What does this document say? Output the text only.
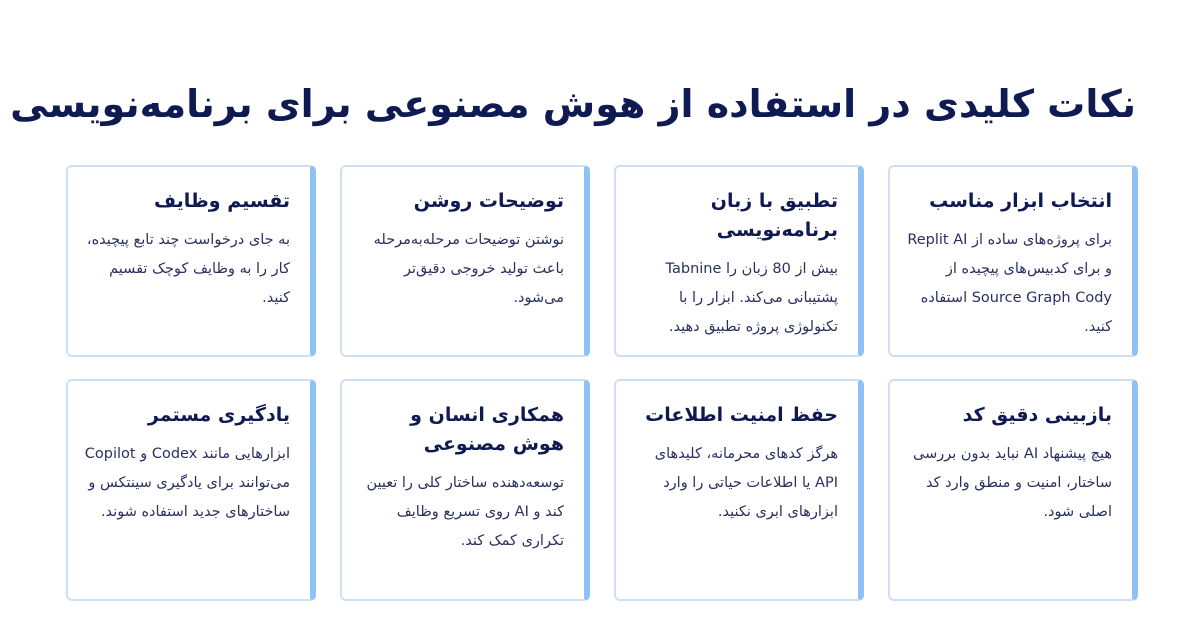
نکات کلیدی در استفاده از هوش مصنوعی برای برنامه‌نویسی
انتخاب ابزار مناسب

برای پروژه‌های ساده از Replit AI و برای کدبیس‌های پیچیده از Source Graph Cody استفاده کنید.

تطبیق با زبان برنامه‌نویسی

بیش از 80 زبان را Tabnine پشتیبانی می‌کند. ابزار را با تکنولوژی پروژه تطبیق دهید.

توضیحات روشن

نوشتن توضیحات مرحله‌به‌مرحله باعث تولید خروجی دقیق‌تر می‌شود.

تقسیم وظایف

به جای درخواست چند تابع پیچیده، کار را به وظایف کوچک تقسیم کنید.

بازبینی دقیق کد

هیچ پیشنهاد AI نباید بدون بررسی ساختار، امنیت و منطق وارد کد اصلی شود.

حفظ امنیت اطلاعات

هرگز کدهای محرمانه، کلیدهای API یا اطلاعات حیاتی را وارد ابزارهای ابری نکنید.

همکاری انسان و هوش مصنوعی

توسعه‌دهنده ساختار کلی را تعیین کند و AI روی تسریع وظایف تکراری کمک کند.

یادگیری مستمر

ابزارهایی مانند Codex و Copilot می‌توانند برای یادگیری سینتکس و ساختارهای جدید استفاده شوند.
